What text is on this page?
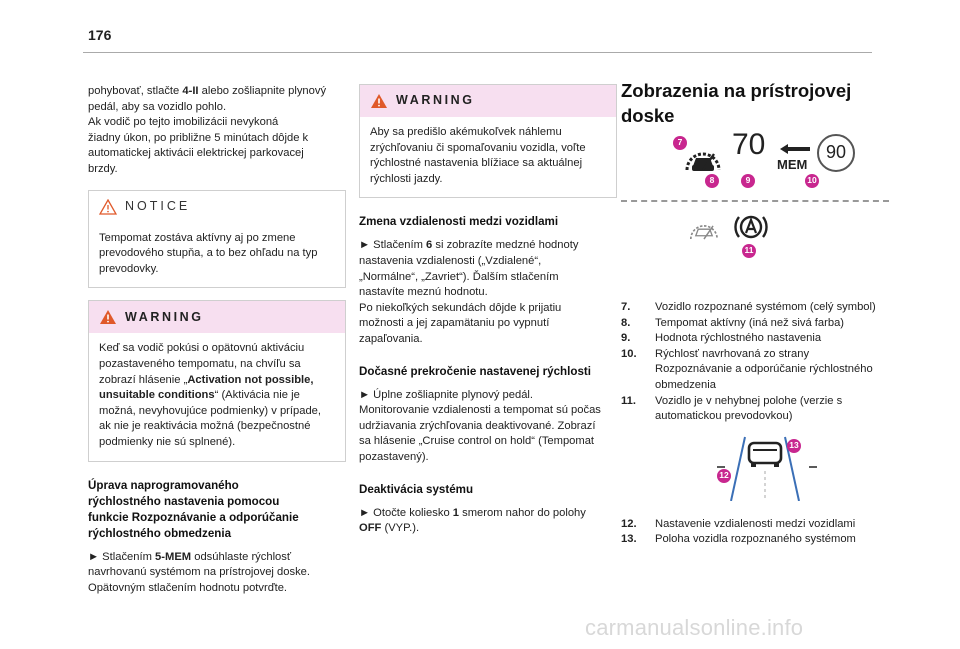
176

pohybovať, stlačte 4-II alebo zošliapnite plynový
pedál, aby sa vozidlo pohlo.
Ak vodič po tejto imobilizácii nevykoná
žiadny úkon, po približne 5 minútach dôjde k
automatickej aktivácii elektrickej parkovacej
brzdy.

NOTICE
Tempomat zostáva aktívny aj po zmene
prevodového stupňa, a to bez ohľadu na typ
prevodovky.
WARNING
Keď sa vodič pokúsi o opätovnú aktiváciu
pozastaveného tempomatu, na chvíľu sa
zobrazí hlásenie „Activation not possible,
unsuitable conditions“ (Aktivácia nie je
možná, nevyhovujúce podmienky) v prípade,
ak nie je reaktivácia možná (bezpečnostné
podmienky nie sú splnené).
Úprava naprogramovaného
rýchlostného nastavenia pomocou
funkcie Rozpoznávanie a odporúčanie
rýchlostného obmedzenia

► Stlačením 5-MEM odsúhlaste rýchlosť
navrhovanú systémom na prístrojovej doske.
Opätovným stlačením hodnotu potvrďte.

WARNING
Aby sa predišlo akémukoľvek náhlemu
zrýchľovaniu či spomaľovaniu vozidla, voľte
rýchlostné nastavenia blížiace sa aktuálnej
rýchlosti jazdy.
Zmena vzdialenosti medzi vozidlami

► Stlačením 6 si zobrazíte medzné hodnoty
nastavenia vzdialenosti („Vzdialené“,
„Normálne“, „Zavriet“). Ďalším stlačením
nastavíte meznú hodnotu.
Po niekoľkých sekundách dôjde k prijatiu
možnosti a jej zapamätaniu po vypnutí
zapaľovania.

Dočasné prekročenie nastavenej rýchlosti

► Úplne zošliapnite plynový pedál.
Monitorovanie vzdialenosti a tempomat sú počas
udržiavania zrýchľovania deaktivované. Zobrazí
sa hlásenie „Cruise control on hold“ (Tempomat
pozastavený).

Deaktivácia systému

► Otočte koliesko 1 smerom nahor do polohy
OFF (VYP.).

Zobrazenia na prístrojovej
doske
70
MEM
90
7
8	9	10
11
7.	Vozidlo rozpoznané systémom (celý symbol)
8.	Tempomat aktívny (iná než sivá farba)
9.	Hodnota rýchlostného nastavenia
10.	Rýchlosť navrhovaná zo strany
Rozpoznávanie a odporúčanie rýchlostného
obmedzenia
11.	Vozidlo je v nehybnej polohe (verzie s
automatickou prevodovkou)
13
12
12.	Nastavenie vzdialenosti medzi vozidlami
13.	Poloha vozidla rozpoznaného systémom
carmanualsonline.info
